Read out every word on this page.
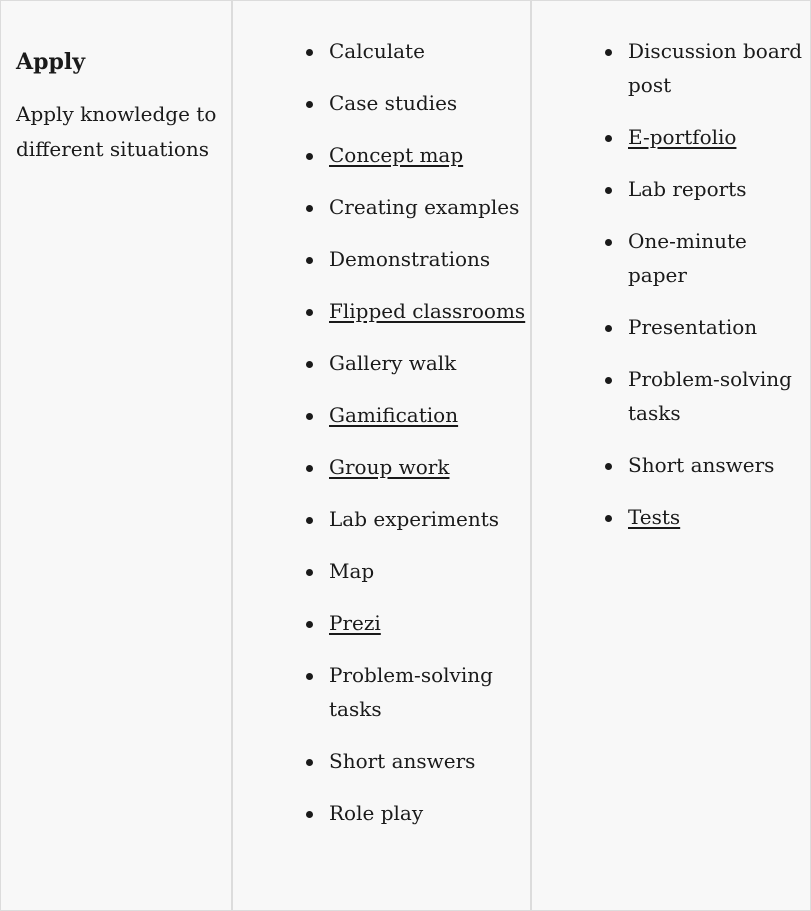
Apply

Apply knowledge to different situations

Calculate
Case studies
Concept map
Creating examples
Demonstrations
Flipped classrooms
Gallery walk
Gamification
Group work
Lab experiments
Map
Prezi
Problem-solving tasks
Short answers
Role play
Discussion board post
E-portfolio
Lab reports
One-minute paper
Presentation
Problem-solving tasks
Short answers
Tests
